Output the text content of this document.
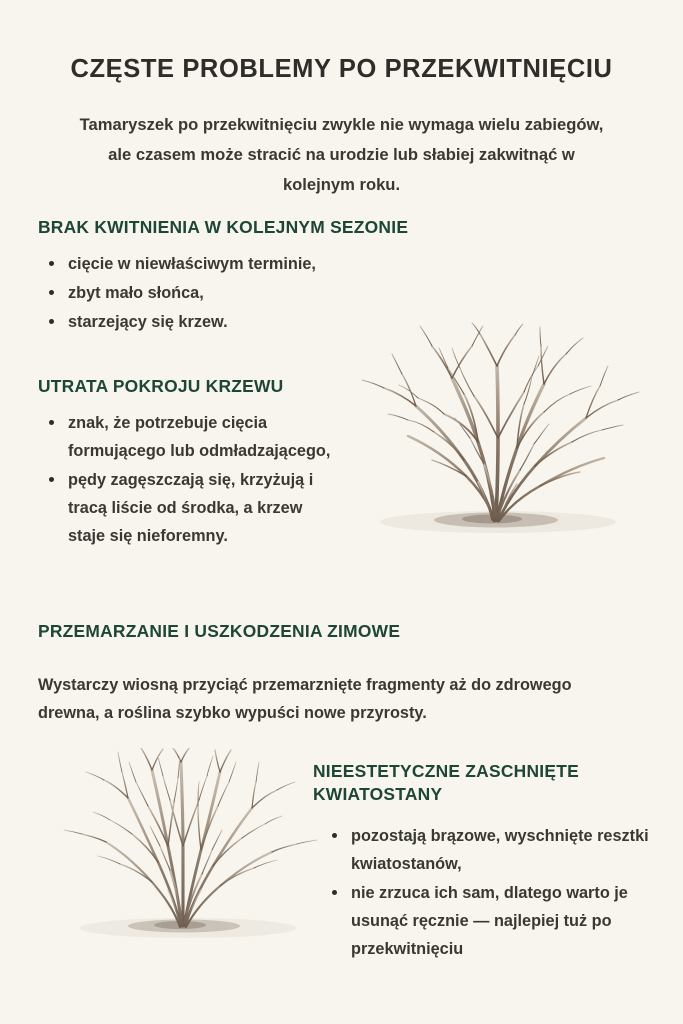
CZĘSTE PROBLEMY PO PRZEKWITNIĘCIU

Tamaryszek po przekwitnięciu zwykle nie wymaga wielu zabiegów, ale czasem może stracić na urodzie lub słabiej zakwitnąć w kolejnym roku.

BRAK KWITNIENIA W KOLEJNYM SEZONIE
cięcie w niewłaściwym terminie,
zbyt mało słońca,
starzejący się krzew.
UTRATA POKROJU KRZEWU
znak, że potrzebuje cięcia formującego lub odmładzającego,
pędy zagęszczają się, krzyżują i tracą liście od środka, a krzew staje się nieforemny.
PRZEMARZANIE I USZKODZENIA ZIMOWE

Wystarczy wiosną przyciąć przemarznięte fragmenty aż do zdrowego drewna, a roślina szybko wypuści nowe przyrosty.

NIEESTETYCZNE ZASCHNIĘTE KWIATOSTANY
pozostają brązowe, wyschnięte resztki kwiatostanów,
nie zrzuca ich sam, dlatego warto je usunąć ręcznie — najlepiej tuż po przekwitnięciu
